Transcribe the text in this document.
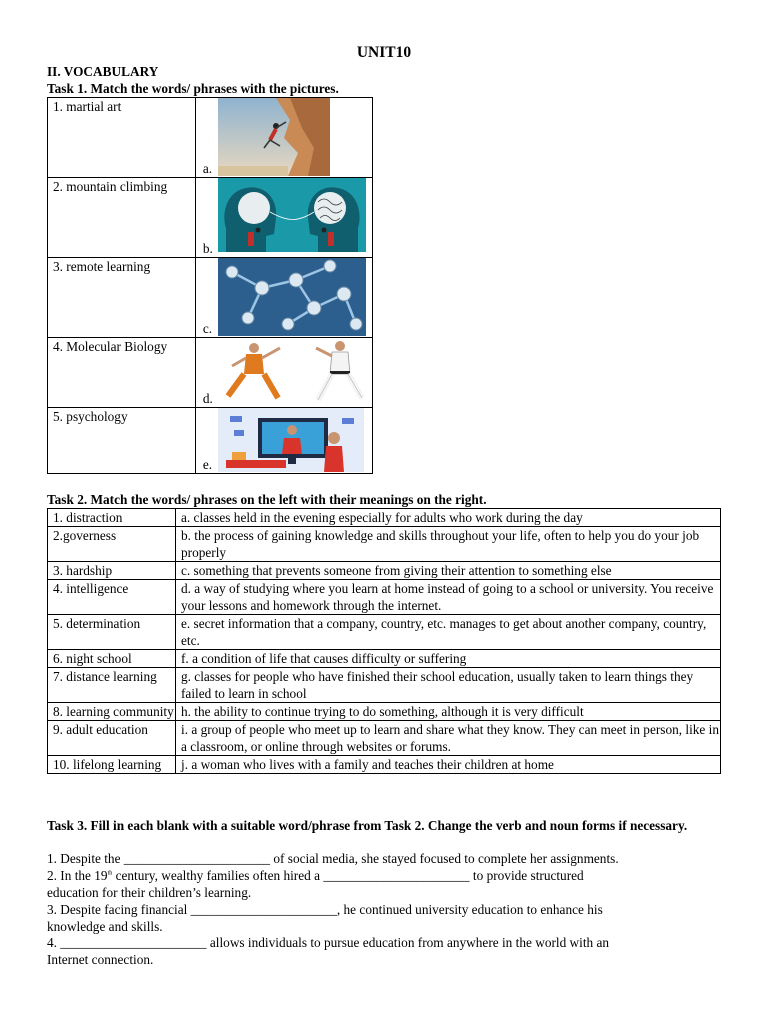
UNIT10
II. VOCABULARY
Task 1. Match the words/ phrases with the pictures.
1. martial art	a.

2. mountain climbing	b.

3. remote learning	c.

4. Molecular Biology	d.

5. psychology	e.
Task 2. Match the words/ phrases on the left with their meanings on the right.
1. distraction	a. classes held in the evening especially for adults who work during the day
2.governess	b. the process of gaining knowledge and skills throughout your life, often to help you do your job properly
3. hardship	c. something that prevents someone from giving their attention to something else
4. intelligence	d. a way of studying where you learn at home instead of going to a school or university. You receive your lessons and homework through the internet.
5. determination	e. secret information that a company, country, etc. manages to get about another company, country, etc.
6. night school	f. a condition of life that causes difficulty or suffering
7. distance learning	g. classes for people who have finished their school education, usually taken to learn things they failed to learn in school
8. learning community	h. the ability to continue trying to do something, although it is very difficult
9. adult education	i. a group of people who meet up to learn and share what they know. They can meet in person, like in a classroom, or online through websites or forums.
10. lifelong learning	j. a woman who lives with a family and teaches their children at home
Task 3. Fill in each blank with a suitable word/phrase from Task 2. Change the verb and noun forms if necessary.
1. Despite the ______________________ of social media, she stayed focused to complete her assignments.
2. In the 19th century, wealthy families often hired a ______________________ to provide structured
education for their children’s learning.
3. Despite facing financial ______________________, he continued university education to enhance his
knowledge and skills.
4. ______________________ allows individuals to pursue education from anywhere in the world with an
Internet connection.
